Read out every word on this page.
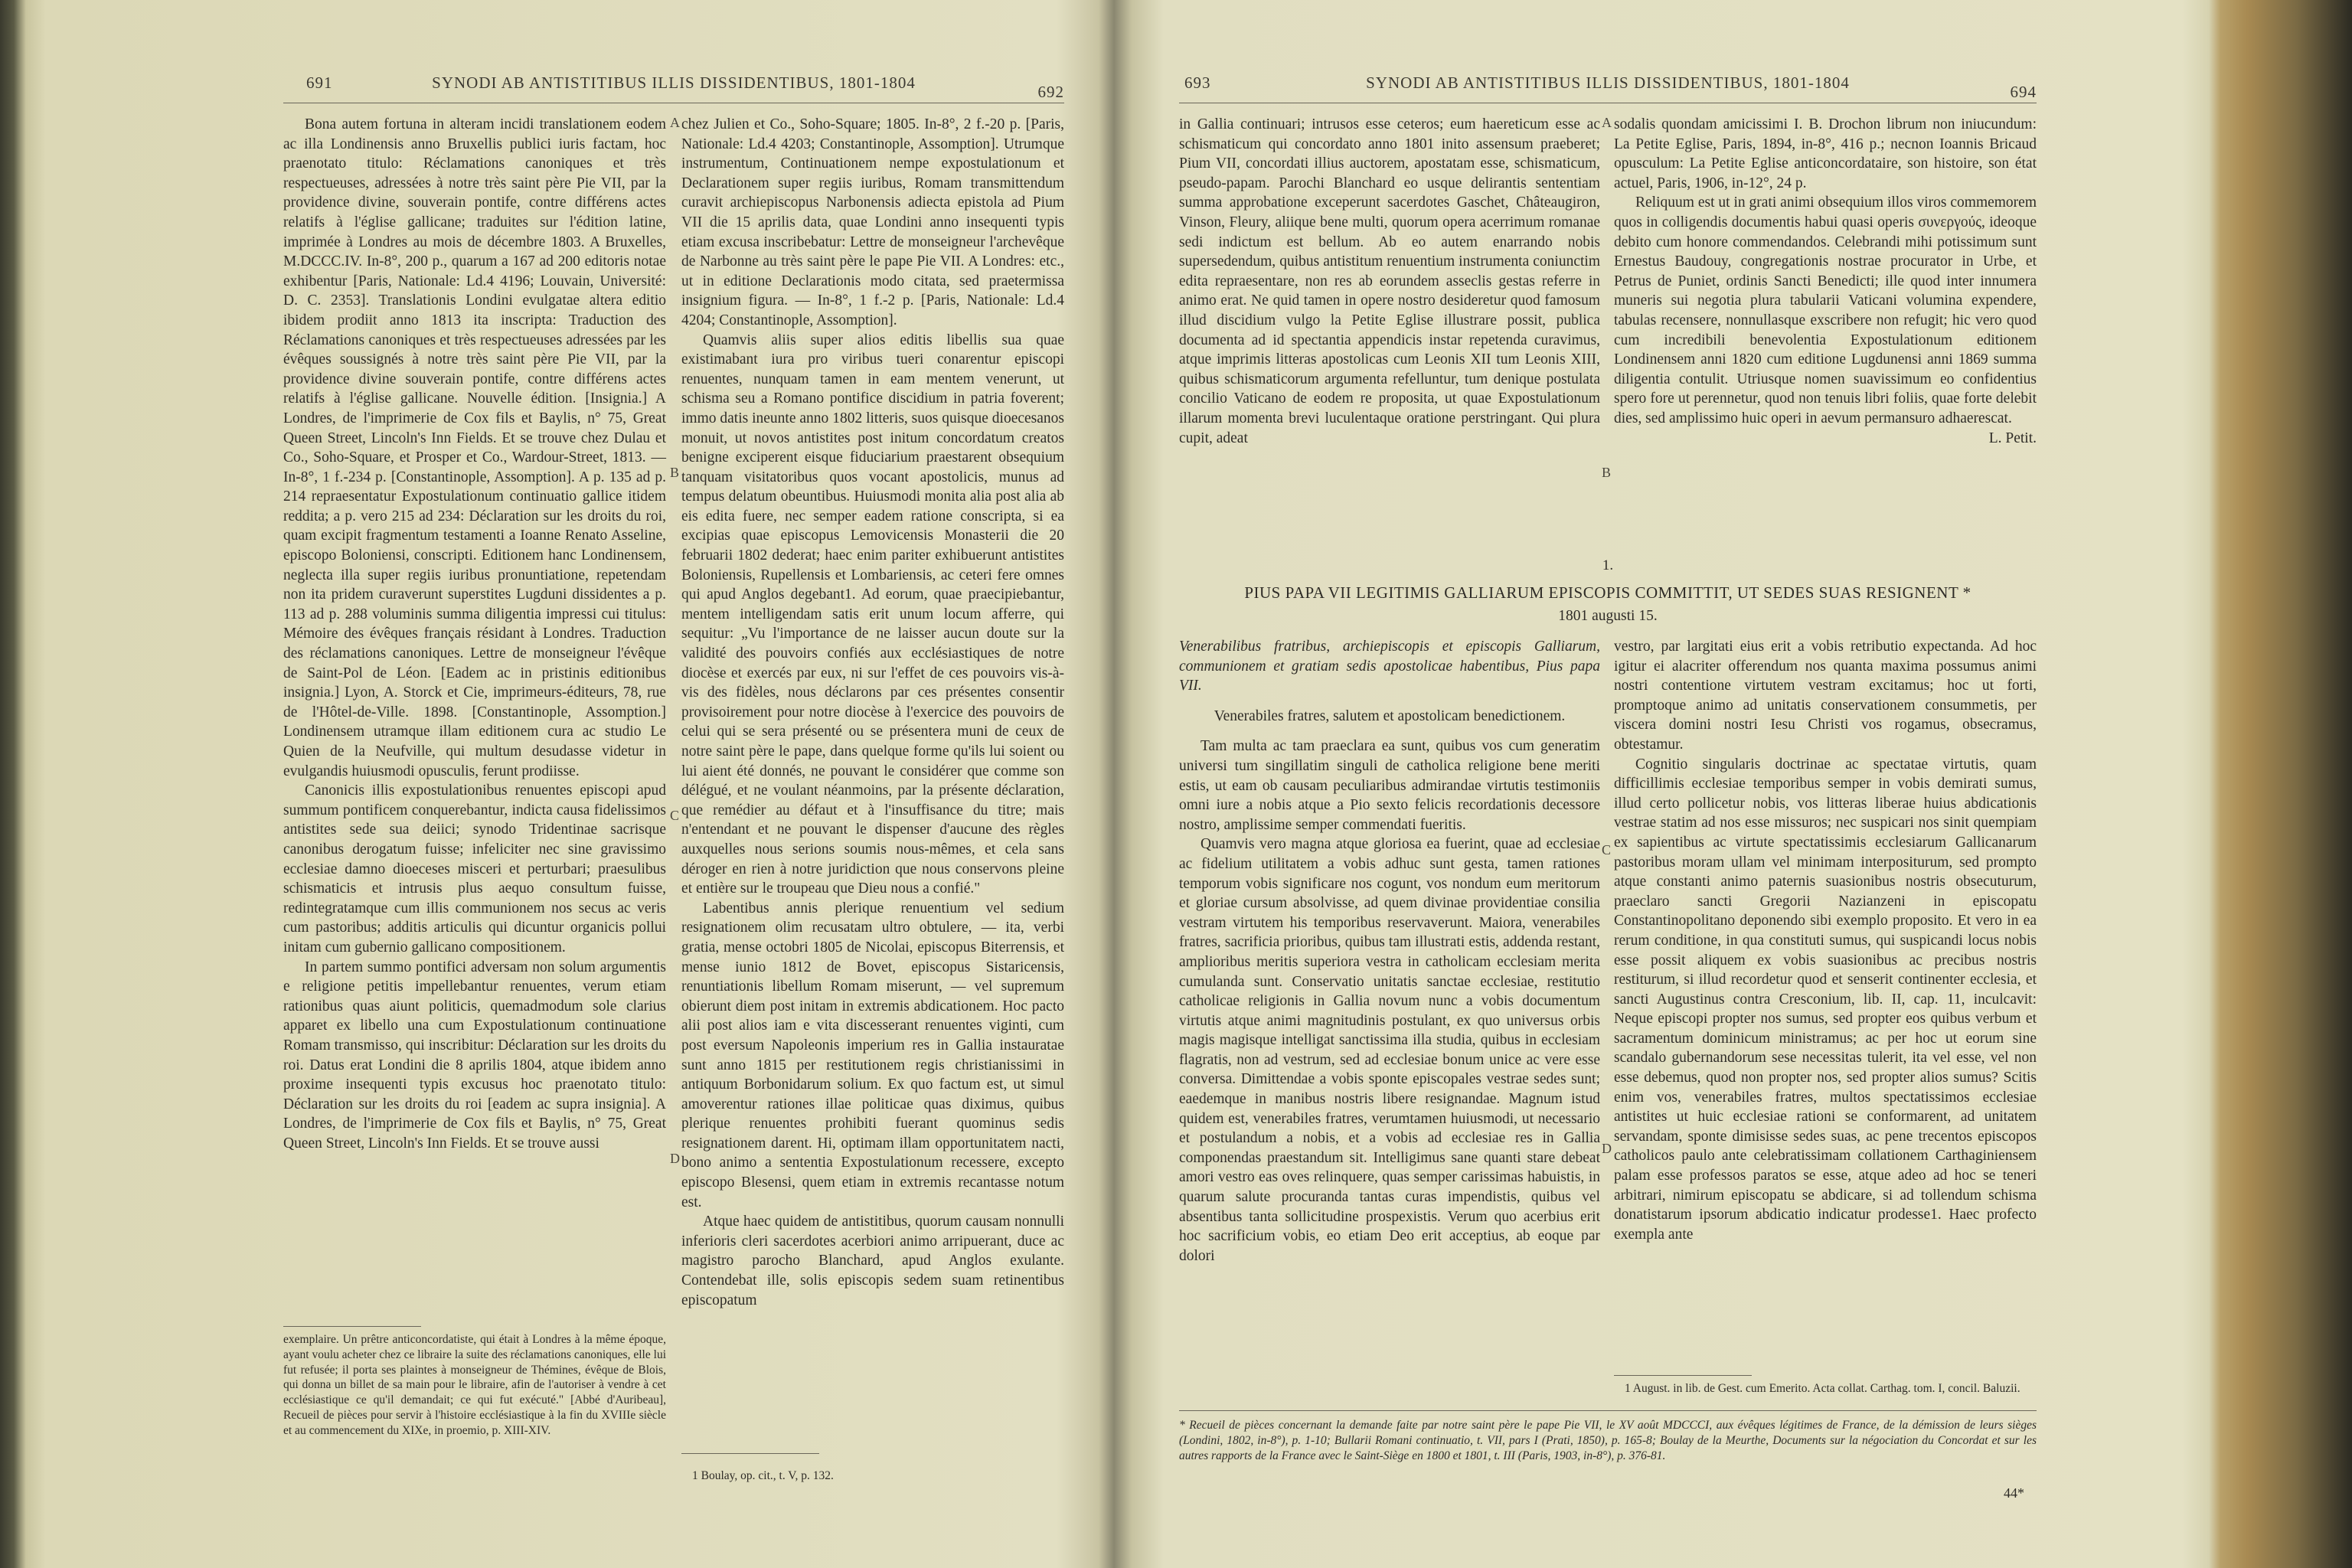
691	SYNODI AB ANTISTITIBUS ILLIS DISSIDENTIBUS, 1801-1804	692

Bona autem fortuna in alteram incidi translationem eodem ac illa Londinensis anno Bruxellis publici iuris factam, hoc praenotato titulo: Réclamations canoniques et très respectueuses, adressées à notre très saint père Pie VII, par la providence divine, souverain pontife, contre différens actes relatifs à l'église gallicane; traduites sur l'édition latine, imprimée à Londres au mois de décembre 1803. A Bruxelles, M.DCCC.IV. In-8°, 200 p., quarum a 167 ad 200 editoris notae exhibentur [Paris, Nationale: Ld.4 4196; Louvain, Université: D. C. 2353]. Translationis Londini evulgatae altera editio ibidem prodiit anno 1813 ita inscripta: Traduction des Réclamations canoniques et très respectueuses adressées par les évêques soussignés à notre très saint père Pie VII, par la providence divine souverain pontife, contre différens actes relatifs à l'église gallicane. Nouvelle édition. [Insignia.] A Londres, de l'imprimerie de Cox fils et Baylis, n° 75, Great Queen Street, Lincoln's Inn Fields. Et se trouve chez Dulau et Co., Soho-Square, et Prosper et Co., Wardour-Street, 1813. — In-8°, 1 f.-234 p. [Constantinople, Assomption]. A p. 135 ad p. 214 repraesentatur Expostulationum continuatio gallice itidem reddita; a p. vero 215 ad 234: Déclaration sur les droits du roi, quam excipit fragmentum testamenti a Ioanne Renato Asseline, episcopo Boloniensi, conscripti. Editionem hanc Londinensem, neglecta illa super regiis iuribus pronuntiatione, repetendam non ita pridem curaverunt superstites Lugduni dissidentes a p. 113 ad p. 288 voluminis summa diligentia impressi cui titulus: Mémoire des évêques français résidant à Londres. Traduction des réclamations canoniques. Lettre de monseigneur l'évêque de Saint-Pol de Léon. [Eadem ac in pristinis editionibus insignia.] Lyon, A. Storck et Cie, imprimeurs-éditeurs, 78, rue de l'Hôtel-de-Ville. 1898. [Constantinople, Assomption.] Londinensem utramque illam editionem cura ac studio Le Quien de la Neufville, qui multum desudasse videtur in evulgandis huiusmodi opusculis, ferunt prodiisse.

Canonicis illis expostulationibus renuentes episcopi apud summum pontificem conquerebantur, indicta causa fidelissimos antistites sede sua deiici; synodo Tridentinae sacrisque canonibus derogatum fuisse; infeliciter nec sine gravissimo ecclesiae damno dioeceses misceri et perturbari; praesulibus schismaticis et intrusis plus aequo consultum fuisse, redintegratamque cum illis communionem nos secus ac veris cum pastoribus; additis articulis qui dicuntur organicis pollui initam cum gubernio gallicano compositionem.

In partem summo pontifici adversam non solum argumentis e religione petitis impellebantur renuentes, verum etiam rationibus quas aiunt politicis, quemadmodum sole clarius apparet ex libello una cum Expostulationum continuatione Romam transmisso, qui inscribitur: Déclaration sur les droits du roi. Datus erat Londini die 8 aprilis 1804, atque ibidem anno proxime insequenti typis excusus hoc praenotato titulo: Déclaration sur les droits du roi [eadem ac supra insignia]. A Londres, de l'imprimerie de Cox fils et Baylis, n° 75, Great Queen Street, Lincoln's Inn Fields. Et se trouve aussi

exemplaire. Un prêtre anticoncordatiste, qui était à Londres à la même époque, ayant voulu acheter chez ce libraire la suite des réclamations canoniques, elle lui fut refusée; il porta ses plaintes à monseigneur de Thémines, évêque de Blois, qui donna un billet de sa main pour le libraire, afin de l'autoriser à vendre à cet ecclésiastique ce qu'il demandait; ce qui fut exécuté." [Abbé d'Auribeau], Recueil de pièces pour servir à l'histoire ecclésiastique à la fin du XVIIIe siècle et au commencement du XIXe, in proemio, p. XIII-XIV.

A
B
C
D

chez Julien et Co., Soho-Square; 1805. In-8°, 2 f.-20 p. [Paris, Nationale: Ld.4 4203; Constantinople, Assomption]. Utrumque instrumentum, Continuationem nempe expostulationum et Declarationem super regiis iuribus, Romam transmittendum curavit archiepiscopus Narbonensis adiecta epistola ad Pium VII die 15 aprilis data, quae Londini anno insequenti typis etiam excusa inscribebatur: Lettre de monseigneur l'archevêque de Narbonne au très saint père le pape Pie VII. A Londres: etc., ut in editione Declarationis modo citata, sed praetermissa insignium figura. — In-8°, 1 f.-2 p. [Paris, Nationale: Ld.4 4204; Constantinople, Assomption].

Quamvis aliis super alios editis libellis sua quae existimabant iura pro viribus tueri conarentur episcopi renuentes, nunquam tamen in eam mentem venerunt, ut schisma seu a Romano pontifice discidium in patria foverent; immo datis ineunte anno 1802 litteris, suos quisque dioecesanos monuit, ut novos antistites post initum concordatum creatos benigne exciperent eisque fiduciarium praestarent obsequium tanquam visitatoribus quos vocant apostolicis, munus ad tempus delatum obeuntibus. Huiusmodi monita alia post alia ab eis edita fuere, nec semper eadem ratione conscripta, si ea excipias quae episcopus Lemovicensis Monasterii die 20 februarii 1802 dederat; haec enim pariter exhibuerunt antistites Boloniensis, Rupellensis et Lombariensis, ac ceteri fere omnes qui apud Anglos degebant1. Ad eorum, quae praecipiebantur, mentem intelligendam satis erit unum locum afferre, qui sequitur: „Vu l'importance de ne laisser aucun doute sur la validité des pouvoirs confiés aux ecclésiastiques de notre diocèse et exercés par eux, ni sur l'effet de ces pouvoirs vis-à-vis des fidèles, nous déclarons par ces présentes consentir provisoirement pour notre diocèse à l'exercice des pouvoirs de celui qui se sera présenté ou se présentera muni de ceux de notre saint père le pape, dans quelque forme qu'ils lui soient ou lui aient été donnés, ne pouvant le considérer que comme son délégué, et ne voulant néanmoins, par la présente déclaration, que remédier au défaut et à l'insuffisance du titre; mais n'entendant et ne pouvant le dispenser d'aucune des règles auxquelles nous serions soumis nous-mêmes, et cela sans déroger en rien à notre juridiction que nous conservons pleine et entière sur le troupeau que Dieu nous a confié."

Labentibus annis plerique renuentium vel sedium resignationem olim recusatam ultro obtulere, — ita, verbi gratia, mense octobri 1805 de Nicolai, episcopus Biterrensis, et mense iunio 1812 de Bovet, episcopus Sistaricensis, renuntiationis libellum Romam miserunt, — vel supremum obierunt diem post initam in extremis abdicationem. Hoc pacto alii post alios iam e vita discesserant renuentes viginti, cum post eversum Napoleonis imperium res in Gallia instauratae sunt anno 1815 per restitutionem regis christianissimi in antiquum Borbonidarum solium. Ex quo factum est, ut simul amoverentur rationes illae politicae quas diximus, quibus plerique renuentes prohibiti fuerant quominus sedis resignationem darent. Hi, optimam illam opportunitatem nacti, bono animo a sententia Expostulationum recessere, excepto episcopo Blesensi, quem etiam in extremis recantasse notum est.

Atque haec quidem de antistitibus, quorum causam nonnulli inferioris cleri sacerdotes acerbiori animo arripuerant, duce ac magistro parocho Blanchard, apud Anglos exulante. Contendebat ille, solis episcopis sedem suam retinentibus episcopatum

1 Boulay, op. cit., t. V, p. 132.

693	SYNODI AB ANTISTITIBUS ILLIS DISSIDENTIBUS, 1801-1804	694

in Gallia continuari; intrusos esse ceteros; eum haereticum esse ac schismaticum qui concordato anno 1801 inito assensum praeberet; Pium VII, concordati illius auctorem, apostatam esse, schismaticum, pseudo-papam. Parochi Blanchard eo usque delirantis sententiam summa approbatione exceperunt sacerdotes Gaschet, Châteaugiron, Vinson, Fleury, aliique bene multi, quorum opera acerrimum romanae sedi indictum est bellum. Ab eo autem enarrando nobis supersedendum, quibus antistitum renuentium instrumenta coniunctim edita repraesentare, non res ab eorundem asseclis gestas referre in animo erat. Ne quid tamen in opere nostro desideretur quod famosum illud discidium vulgo la Petite Eglise illustrare possit, publica documenta ad id spectantia appendicis instar repetenda curavimus, atque imprimis litteras apostolicas cum Leonis XII tum Leonis XIII, quibus schismaticorum argumenta refelluntur, tum denique postulata concilio Vaticano de eodem re proposita, ut quae Expostulationum illarum momenta brevi luculentaque oratione perstringant. Qui plura cupit, adeat

sodalis quondam amicissimi I. B. Drochon librum non iniucundum: La Petite Eglise, Paris, 1894, in-8°, 416 p.; necnon Ioannis Bricaud opusculum: La Petite Eglise anticoncordataire, son histoire, son état actuel, Paris, 1906, in-12°, 24 p.

Reliquum est ut in grati animi obsequium illos viros commemorem quos in colligendis documentis habui quasi operis συνεργούς, ideoque debito cum honore commendandos. Celebrandi mihi potissimum sunt Ernestus Baudouy, congregationis nostrae procurator in Urbe, et Petrus de Puniet, ordinis Sancti Benedicti; ille quod inter innumera muneris sui negotia plura tabularii Vaticani volumina expendere, tabulas recensere, nonnullasque exscribere non refugit; hic vero quod cum incredibili benevolentia Expostulationum editionem Londinensem anni 1820 cum editione Lugdunensi anni 1869 summa diligentia contulit. Utriusque nomen suavissimum eo confidentius spero fore ut perennetur, quod non tenuis libri foliis, quae forte delebit dies, sed amplissimo huic operi in aevum permansuro adhaerescat.

L. Petit.
A
B
C
D
1.
PIUS PAPA VII LEGITIMIS GALLIARUM EPISCOPIS COMMITTIT, UT SEDES SUAS RESIGNENT *
1801 augusti 15.

Venerabilibus fratribus, archiepiscopis et episcopis Galliarum, communionem et gratiam sedis apostolicae habentibus, Pius papa VII.

Venerabiles fratres, salutem et apostolicam benedictionem.

Tam multa ac tam praeclara ea sunt, quibus vos cum generatim universi tum singillatim singuli de catholica religione bene meriti estis, ut eam ob causam peculiaribus admirandae virtutis testimoniis omni iure a nobis atque a Pio sexto felicis recordationis decessore nostro, amplissime semper commendati fueritis.

Quamvis vero magna atque gloriosa ea fuerint, quae ad ecclesiae ac fidelium utilitatem a vobis adhuc sunt gesta, tamen rationes temporum vobis significare nos cogunt, vos nondum eum meritorum et gloriae cursum absolvisse, ad quem divinae providentiae consilia vestram virtutem his temporibus reservaverunt. Maiora, venerabiles fratres, sacrificia prioribus, quibus tam illustrati estis, addenda restant, amplioribus meritis superiora vestra in catholicam ecclesiam merita cumulanda sunt. Conservatio unitatis sanctae ecclesiae, restitutio catholicae religionis in Gallia novum nunc a vobis documentum virtutis atque animi magnitudinis postulant, ex quo universus orbis magis magisque intelligat sanctissima illa studia, quibus in ecclesiam flagratis, non ad vestrum, sed ad ecclesiae bonum unice ac vere esse conversa. Dimittendae a vobis sponte episcopales vestrae sedes sunt; eaedemque in manibus nostris libere resignandae. Magnum istud quidem est, venerabiles fratres, verumtamen huiusmodi, ut necessario et postulandum a nobis, et a vobis ad ecclesiae res in Gallia componendas praestandum sit. Intelligimus sane quanti stare debeat amori vestro eas oves relinquere, quas semper carissimas habuistis, in quarum salute procuranda tantas curas impendistis, quibus vel absentibus tanta sollicitudine prospexistis. Verum quo acerbius erit hoc sacrificium vobis, eo etiam Deo erit acceptius, ab eoque par dolori

vestro, par largitati eius erit a vobis retributio expectanda. Ad hoc igitur ei alacriter offerendum nos quanta maxima possumus animi nostri contentione virtutem vestram excitamus; hoc ut forti, promptoque animo ad unitatis conservationem consummetis, per viscera domini nostri Iesu Christi vos rogamus, obsecramus, obtestamur.

Cognitio singularis doctrinae ac spectatae virtutis, quam difficillimis ecclesiae temporibus semper in vobis demirati sumus, illud certo pollicetur nobis, vos litteras liberae huius abdicationis vestrae statim ad nos esse missuros; nec suspicari nos sinit quempiam ex sapientibus ac virtute spectatissimis ecclesiarum Gallicanarum pastoribus moram ullam vel minimam interpositurum, sed prompto atque constanti animo paternis suasionibus nostris obsecuturum, praeclaro sancti Gregorii Nazianzeni in episcopatu Constantinopolitano deponendo sibi exemplo proposito. Et vero in ea rerum conditione, in qua constituti sumus, qui suspicandi locus nobis esse possit aliquem ex vobis suasionibus ac precibus nostris restiturum, si illud recordetur quod et senserit continenter ecclesia, et sancti Augustinus contra Cresconium, lib. II, cap. 11, inculcavit: Neque episcopi propter nos sumus, sed propter eos quibus verbum et sacramentum dominicum ministramus; ac per hoc ut eorum sine scandalo gubernandorum sese necessitas tulerit, ita vel esse, vel non esse debemus, quod non propter nos, sed propter alios sumus? Scitis enim vos, venerabiles fratres, multos spectatissimos ecclesiae antistites ut huic ecclesiae rationi se conformarent, ad unitatem servandam, sponte dimisisse sedes suas, ac pene trecentos episcopos catholicos paulo ante celebratissimam collationem Carthaginiensem palam esse professos paratos se esse, atque adeo ad hoc se teneri arbitrari, nimirum episcopatu se abdicare, si ad tollendum schisma donatistarum ipsorum abdicatio indicatur prodesse1. Haec profecto exempla ante

1 August. in lib. de Gest. cum Emerito. Acta collat. Carthag. tom. I, concil. Baluzii.

* Recueil de pièces concernant la demande faite par notre saint père le pape Pie VII, le XV août MDCCCI, aux évêques légitimes de France, de la démission de leurs sièges (Londini, 1802, in-8°), p. 1-10; Bullarii Romani continuatio, t. VII, pars I (Prati, 1850), p. 165-8; Boulay de la Meurthe, Documents sur la négociation du Concordat et sur les autres rapports de la France avec le Saint-Siège en 1800 et 1801, t. III (Paris, 1903, in-8°), p. 376-81.

44*
